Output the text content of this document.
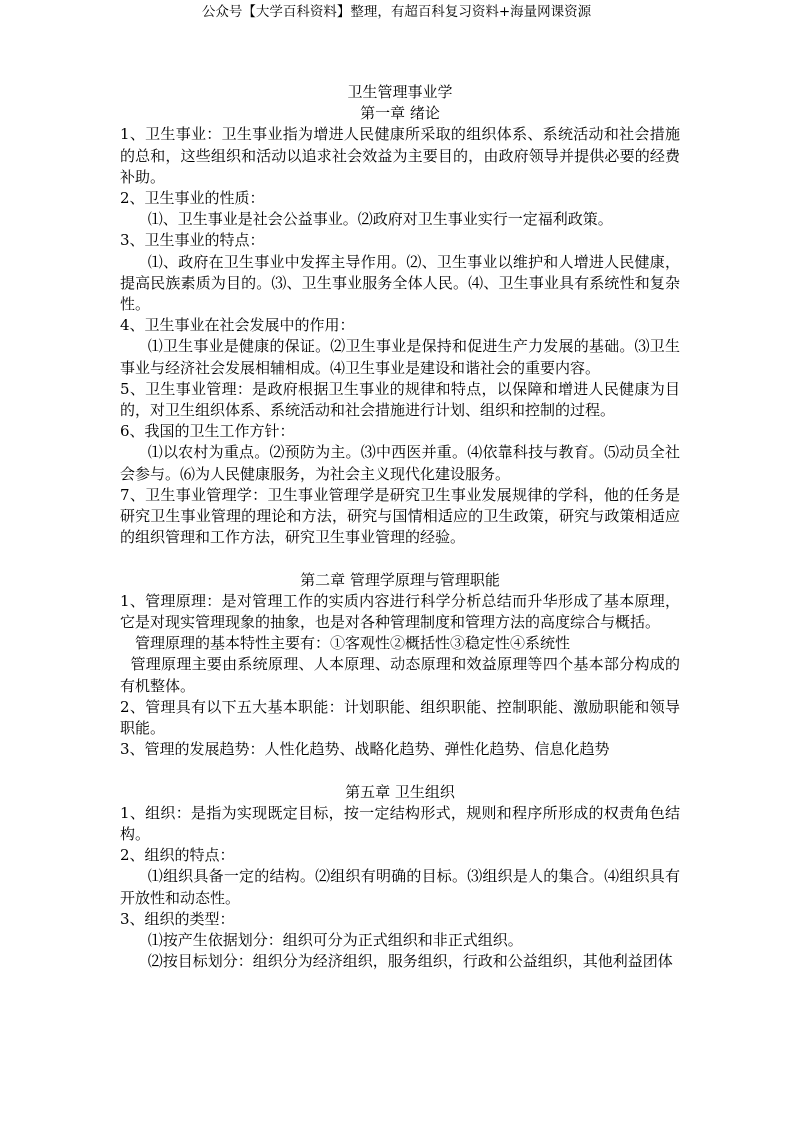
公众号【大学百科资料】整理，有超百科复习资料+海量网课资源
卫生管理事业学
第一章 绪论

1、卫生事业：卫生事业指为增进人民健康所采取的组织体系、系统活动和社会措施的总和，这些组织和活动以追求社会效益为主要目的，由政府领导并提供必要的经费补助。

2、卫生事业的性质：

⑴、卫生事业是社会公益事业。⑵政府对卫生事业实行一定福利政策。

3、卫生事业的特点：

⑴、政府在卫生事业中发挥主导作用。⑵、卫生事业以维护和人增进人民健康，提高民族素质为目的。⑶、卫生事业服务全体人民。⑷、卫生事业具有系统性和复杂性。

4、卫生事业在社会发展中的作用：

⑴卫生事业是健康的保证。⑵卫生事业是保持和促进生产力发展的基础。⑶卫生事业与经济社会发展相辅相成。⑷卫生事业是建设和谐社会的重要内容。

5、卫生事业管理：是政府根据卫生事业的规律和特点，以保障和增进人民健康为目的，对卫生组织体系、系统活动和社会措施进行计划、组织和控制的过程。

6、我国的卫生工作方针：

⑴以农村为重点。⑵预防为主。⑶中西医并重。⑷依靠科技与教育。⑸动员全社会参与。⑹为人民健康服务，为社会主义现代化建设服务。

7、卫生事业管理学：卫生事业管理学是研究卫生事业发展规律的学科，他的任务是研究卫生事业管理的理论和方法，研究与国情相适应的卫生政策，研究与政策相适应的组织管理和工作方法，研究卫生事业管理的经验。

第二章 管理学原理与管理职能

1、管理原理：是对管理工作的实质内容进行科学分析总结而升华形成了基本原理，它是对现实管理现象的抽象，也是对各种管理制度和管理方法的高度综合与概括。

管理原理的基本特性主要有：①客观性②概括性③稳定性④系统性

管理原理主要由系统原理、人本原理、动态原理和效益原理等四个基本部分构成的有机整体。

2、管理具有以下五大基本职能：计划职能、组织职能、控制职能、激励职能和领导职能。

3、管理的发展趋势：人性化趋势、战略化趋势、弹性化趋势、信息化趋势

第五章 卫生组织

1、组织：是指为实现既定目标，按一定结构形式，规则和程序所形成的权责角色结构。

2、组织的特点：

⑴组织具备一定的结构。⑵组织有明确的目标。⑶组织是人的集合。⑷组织具有开放性和动态性。

3、组织的类型：

⑴按产生依据划分：组织可分为正式组织和非正式组织。

⑵按目标划分：组织分为经济组织，服务组织，行政和公益组织，其他利益团体
